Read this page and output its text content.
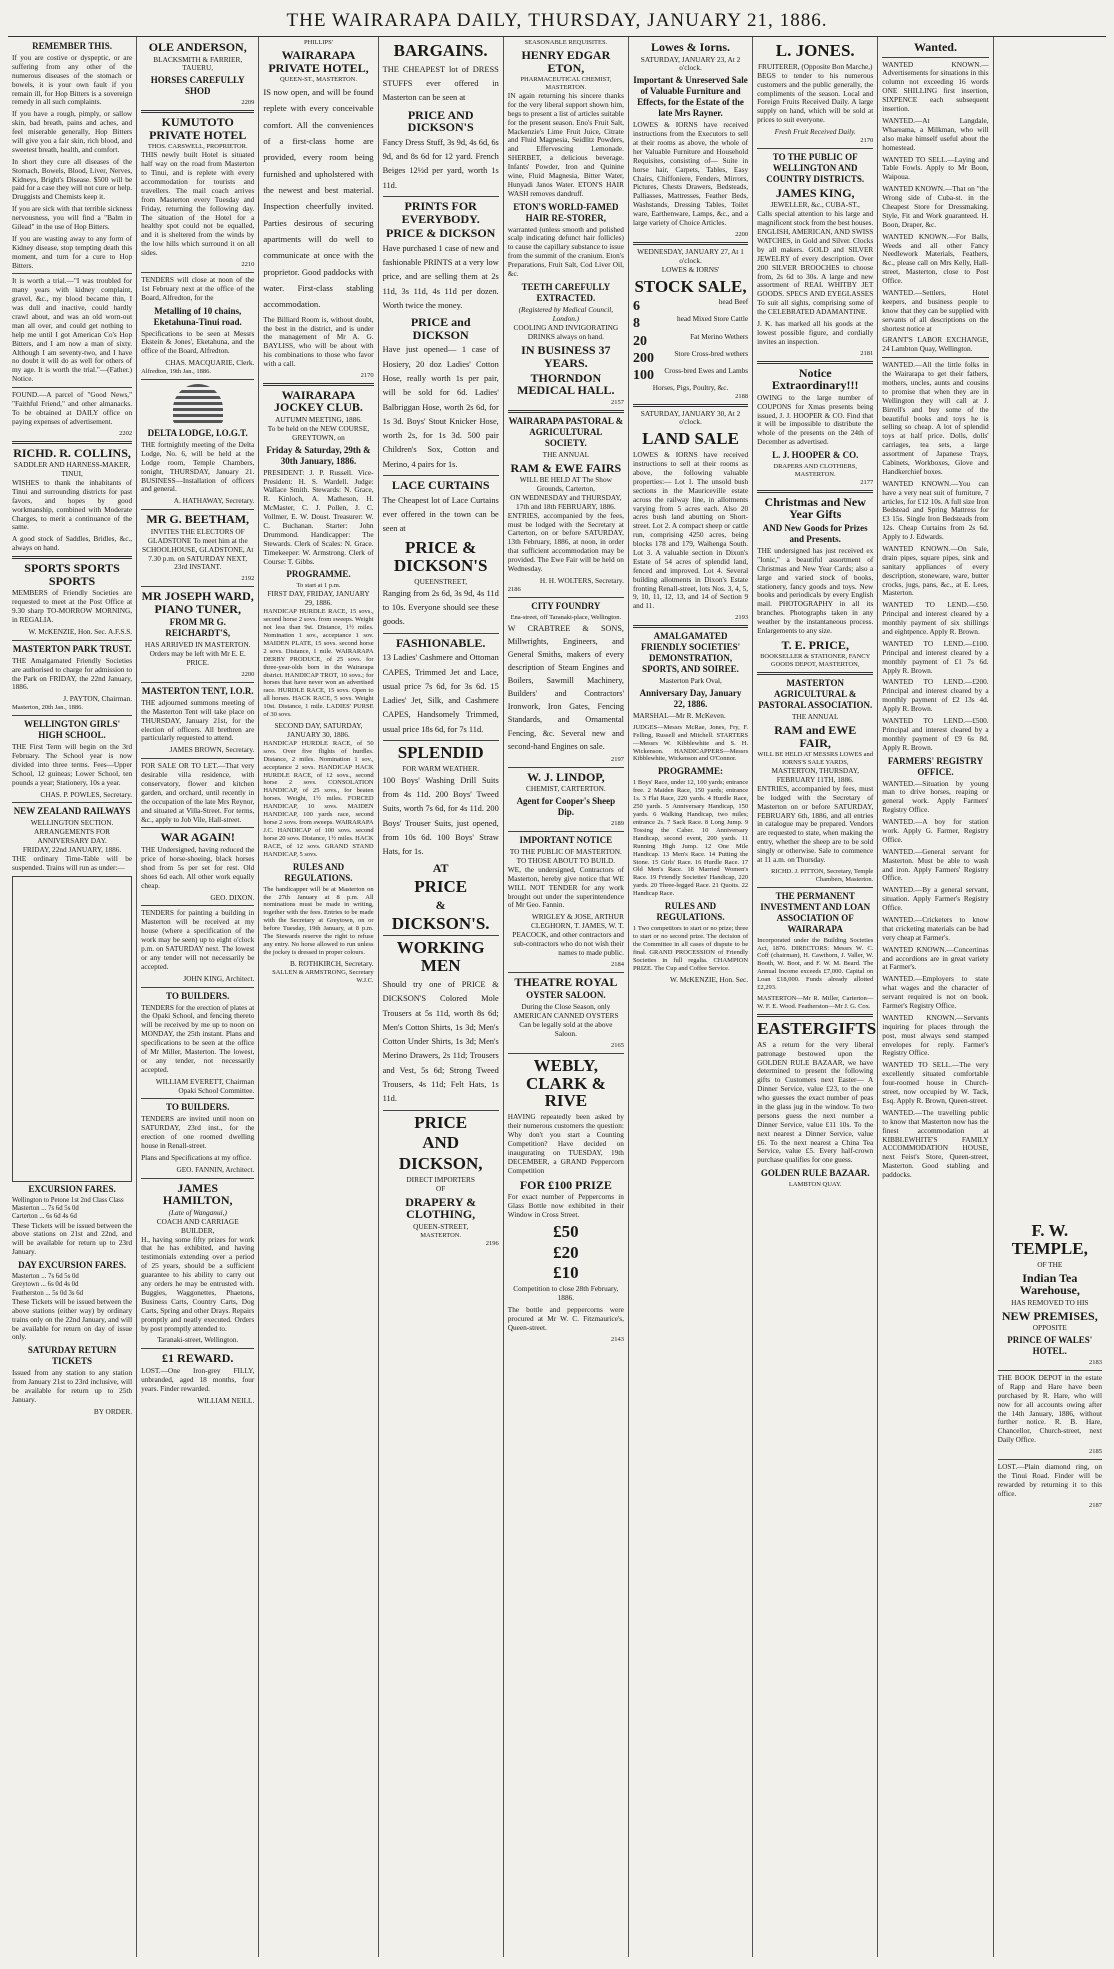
THE WAIRARAPA DAILY, THURSDAY, JANUARY 21, 1886.
REMEMBER THIS.

If you are costive or dyspeptic, or are suffering from any other of the numerous diseases of the stomach or bowels, it is your own fault if you remain ill, for Hop Bitters is a sovereign remedy in all such complaints.

If you have a rough, pimply, or sallow skin, bad breath, pains and aches, and feel miserable generally, Hop Bitters will give you a fair skin, rich blood, and sweetest breath, health, and comfort.

In short they cure all diseases of the Stomach, Bowels, Blood, Liver, Nerves, Kidneys, Bright's Disease. $500 will be paid for a case they will not cure or help. Druggists and Chemists keep it.

If you are sick with that terrible sickness nervousness, you will find a "Balm in Gilead" in the use of Hop Bitters.

If you are wasting away to any form of Kidney disease, stop tempting death this moment, and turn for a cure to Hop Bitters.

It is worth a trial.—"I was troubled for many years with kidney complaint, gravel, &c., my blood became thin, I was dull and inactive, could hardly crawl about, and was an old worn-out man all over, and could get nothing to help me until I got American Co's Hop Bitters, and I am now a man of sixty. Although I am seventy-two, and I have no doubt it will do as well for others of my age. It is worth the trial."—(Father.) Notice.

FOUND.—A parcel of "Good News," "Faithful Friend," and other almanacks. To be obtained at DAILY office on paying expenses of advertisement.

2202
RICHD. R. COLLINS,
SADDLER AND HARNESS-MAKER,
TINUI,

WISHES to thank the inhabitants of Tinui and surrounding districts for past favors, and hopes by good workmanship, combined with Moderate Charges, to merit a continuance of the same.

A good stock of Saddles, Bridles, &c., always on hand.

SPORTS SPORTS SPORTS

MEMBERS of Friendly Societies are requested to meet at the Post Office at 9.30 sharp TO-MORROW MORNING, in REGALIA.

W. McKENZIE, Hon. Sec. A.F.S.S.
MASTERTON PARK TRUST.

THE Amalgamated Friendly Societies are authorised to charge for admission to the Park on FRIDAY, the 22nd January, 1886.

J. PAYTON, Chairman.
Masterton, 20th Jan., 1886.
WELLINGTON GIRLS' HIGH SCHOOL.

THE First Term will begin on the 3rd February. The School year is now divided into three terms. Fees—Upper School, 12 guineas; Lower School, ten pounds a year; Stationery, 10s a year.

CHAS. P. POWLES, Secretary.
NEW ZEALAND RAILWAYS
WELLINGTON SECTION.
ARRANGEMENTS FOR ANNIVERSARY DAY.
FRIDAY, 22nd JANUARY, 1886.

THE ordinary Time-Table will be suspended. Trains will run as under:—

EXCURSION FARES.
Wellington to Petone 1st 2nd Class Class
Masterton ... 7s 6d 5s 0d
Carterton ... 6s 6d 4s 6d

These Tickets will be issued between the above stations on 21st and 22nd, and will be available for return up to 23rd January.

DAY EXCURSION FARES.
Masterton ... 7s 6d 5s 0d
Greytown ... 6s 0d 4s 0d
Featherston ... 5s 0d 3s 6d

These Tickets will be issued between the above stations (either way) by ordinary trains only on the 22nd January, and will be available for return on day of issue only.

SATURDAY RETURN TICKETS

Issued from any station to any station from January 21st to 23rd inclusive, will be available for return up to 25th January.

BY ORDER.
OLE ANDERSON,
BLACKSMITH & FARRIER,
TAUERU,
HORSES CAREFULLY SHOD
2209
KUMUTOTO PRIVATE HOTEL
THOS. CARSWELL, PROPRIETOR.

THIS newly built Hotel is situated half way on the road from Masterton to Tinui, and is replete with every accommodation for tourists and travellers. The mail coach arrives from Masterton every Tuesday and Friday, returning the following day. The situation of the Hotel for a healthy spot could not be equalled, and it is sheltered from the winds by the low hills which surround it on all sides.

2210

TENDERS will close at noon of the 1st February next at the office of the Board, Alfredton, for the

Metalling of 10 chains, Eketahuna-Tinui road.

Specifications to be seen at Messrs Ekstein & Jones', Eketahuna, and the office of the Board, Alfredton.

CHAS. MACQUARIE, Clerk.
Alfredton, 19th Jan., 1886.
DELTA LODGE, I.O.G.T.

THE fortnightly meeting of the Delta Lodge, No. 6, will be held at the Lodge room, Temple Chambers, tonight, THURSDAY, January 21. BUSINESS—Installation of officers and general.

A. HATHAWAY, Secretary.
MR G. BEETHAM,

INVITES THE ELECTORS OF GLADSTONE To meet him at the SCHOOLHOUSE, GLADSTONE, At 7.30 p.m. on SATURDAY NEXT, 23rd INSTANT.

2192
MR JOSEPH WARD, PIANO TUNER,
FROM MR G. REICHARDT'S,

HAS ARRIVED IN MASTERTON. Orders may be left with Mr E. E. PRICE.

2200
MASTERTON TENT, I.O.R.

THE adjourned summons meeting of the Masterton Tent will take place on THURSDAY, January 21st, for the election of officers. All brethren are particularly requested to attend.

JAMES BROWN, Secretary.

FOR SALE OR TO LET.—That very desirable villa residence, with conservatory, flower and kitchen garden, and orchard, until recently in the occupation of the late Mrs Reynor, and situated at Villa-Street. For terms, &c., apply to Job Vile, Hall-street.

WAR AGAIN!

THE Undersigned, having reduced the price of horse-shoeing, black horses shod from 5s per set for rest. Old shoes 6d each. All other work equally cheap.

GEO. DIXON.

TENDERS for painting a building in Masterton will be received at my house (where a specification of the work may be seen) up to eight o'clock p.m. on SATURDAY next. The lowest or any tender will not necessarily be accepted.

JOHN KING, Architect.
TO BUILDERS.

TENDERS for the erection of plates at the Opaki School, and fencing thereto will be received by me up to noon on MONDAY, the 25th instant. Plans and specifications to be seen at the office of Mr Miller, Masterton. The lowest, or any tender, not necessarily accepted.

WILLIAM EVERETT, Chairman Opaki School Committee.
TO BUILDERS.

TENDERS are invited until noon on SATURDAY, 23rd inst., for the erection of one roomed dwelling house in Renall-street.

Plans and Specifications at my office.

GEO. FANNIN, Architect.
JAMES HAMILTON,
(Late of Wanganui,)
COACH AND CARRIAGE BUILDER,

H., having some fifty prizes for work that he has exhibited, and having testimonials extending over a period of 25 years, should be a sufficient guarantee to his ability to carry out any orders he may be entrusted with. Buggies, Waggonettes, Phaetons, Business Carts, Country Carts, Dog Carts, Spring and other Drays. Repairs promptly and neatly executed. Orders by post promptly attended to.

Taranaki-street, Wellington.
£1 REWARD.

LOST.—One Iron-grey FILLY, unbranded, aged 18 months, four years. Finder rewarded.

WILLIAM NEILL.
PHILLIPS'
WAIRARAPA PRIVATE HOTEL,
QUEEN-ST., MASTERTON.

IS now open, and will be found replete with every conceivable comfort. All the conveniences of a first-class home are provided, every room being furnished and upholstered with the newest and best material. Inspection cheerfully invited. Parties desirous of securing apartments will do well to communicate at once with the proprietor. Good paddocks with water. First-class stabling accommodation.

The Billiard Room is, without doubt, the best in the district, and is under the management of Mr A. G. BAYLISS, who will be about with his combinations to those who favor with a call.

2170
WAIRARAPA JOCKEY CLUB.
AUTUMN MEETING, 1886.
To be held on the NEW COURSE, GREYTOWN, on
Friday & Saturday, 29th & 30th January, 1886.

PRESIDENT: J. P. Russell. Vice-President: H. S. Wardell. Judge: Wallace Smith. Stewards: N. Grace, R. Kinloch, A. Matheson, H. McMaster, C. J. Pollen, J. C. Vollmer, E. W. Doust. Treasurer: W. C. Buchanan. Starter: John Drummond. Handicapper: The Stewards. Clerk of Scales: N. Grace. Timekeeper: W. Armstrong. Clerk of Course: T. Gibbs.

PROGRAMME.
To start at 1 p.m.
FIRST DAY, FRIDAY, JANUARY 29, 1886.

HANDICAP HURDLE RACE, 15 sovs., second horse 2 sovs. from sweeps. Weight not less than 9st. Distance, 1½ miles. Nomination 1 sov., acceptance 1 sov. MAIDEN PLATE, 15 sovs. second horse 2 sovs. Distance, 1 mile. WAIRARAPA DERBY PRODUCE, of 25 sovs. for three-year-olds born in the Wairarapa district. HANDICAP TROT, 10 sovs.; for horses that have never won an advertised race. HURDLE RACE, 15 sovs. Open to all horses. HACK RACE, 5 sovs. Weight 10st. Distance, 1 mile. LADIES' PURSE of 30 sovs.

SECOND DAY, SATURDAY, JANUARY 30, 1886.

HANDICAP HURDLE RACE, of 50 sovs. Over five flights of hurdles. Distance, 2 miles. Nomination 1 sov., acceptance 2 sovs. HANDICAP HACK HURDLE RACE, of 12 sovs., second horse 2 sovs. CONSOLATION HANDICAP, of 25 sovs., for beaten horses. Weight, 1½ miles. FORCED HANDICAP, 10 sovs. MAIDEN HANDICAP, 100 yards race, second horse 2 sovs. from sweeps. WAIRARAPA J.C. HANDICAP of 100 sovs. second horse 20 sovs. Distance, 1½ miles. HACK RACE, of 12 sovs. GRAND STAND HANDICAP, 5 sovs.

RULES AND REGULATIONS.

The handicapper will be at Masterton on the 27th January at 8 p.m. All nominations must be made in writing, together with the fees. Entries to be made with the Secretary at Greytown, on or before Tuesday, 19th January, at 8 p.m. The Stewards reserve the right to refuse any entry. No horse allowed to run unless the jockey is dressed in proper colours.

B. ROTHKIRCH, Secretary.
SALLEN & ARMSTRONG, Secretary W.J.C.
BARGAINS.

THE CHEAPEST lot of DRESS STUFFS ever offered in Masterton can be seen at

PRICE AND DICKSON'S

Fancy Dress Stuff, 3s 9d, 4s 6d, 6s 9d, and 8s 6d for 12 yard. French Beiges 12½d per yard, worth 1s 11d.

PRINTS FOR EVERYBODY.
PRICE & DICKSON

Have purchased 1 case of new and fashionable PRINTS at a very low price, and are selling them at 2s 11d, 3s 11d, 4s 11d per dozen. Worth twice the money.

PRICE and DICKSON

Have just opened— 1 case of Hosiery, 20 doz Ladies' Cotton Hose, really worth 1s per pair, will be sold for 6d. Ladies' Balbriggan Hose, worth 2s 6d, for 1s 3d. Boys' Stout Knicker Hose, worth 2s, for 1s 3d. 500 pair Children's Sox, Cotton and Merino, 4 pairs for 1s.

LACE CURTAINS

The Cheapest lot of Lace Curtains ever offered in the town can be seen at

PRICE & DICKSON'S
QUEENSTREET,

Ranging from 2s 6d, 3s 9d, 4s 11d to 10s. Everyone should see these goods.

FASHIONABLE.

13 Ladies' Cashmere and Ottoman CAPES, Trimmed Jet and Lace, usual price 7s 6d, for 3s 6d. 15 Ladies' Jet, Silk, and Cashmere CAPES, Handsomely Trimmed, usual price 18s 6d, for 7s 11d.

SPLENDID
FOR WARM WEATHER.

100 Boys' Washing Drill Suits from 4s 11d. 200 Boys' Tweed Suits, worth 7s 6d, for 4s 11d. 200 Boys' Trouser Suits, just opened, from 10s 6d. 100 Boys' Straw Hats, for 1s.

AT
PRICE
&
DICKSON'S.
WORKING MEN

Should try one of PRICE & DICKSON'S Colored Mole Trousers at 5s 11d, worth 8s 6d; Men's Cotton Shirts, 1s 3d; Men's Cotton Under Shirts, 1s 3d; Men's Merino Drawers, 2s 11d; Trousers and Vest, 5s 6d; Strong Tweed Trousers, 4s 11d; Felt Hats, 1s 11d.

PRICE
AND
DICKSON,
DIRECT IMPORTERS
OF
DRAPERY & CLOTHING,
QUEEN-STREET,
MASTERTON.
2196
SEASONABLE REQUISITES.
HENRY EDGAR ETON,
PHARMACEUTICAL CHEMIST, MASTERTON.

IN again returning his sincere thanks for the very liberal support shown him, begs to present a list of articles suitable for the present season. Eno's Fruit Salt, Mackenzie's Lime Fruit Juice, Citrate and Fluid Magnesia, Seidlitz Powders, and Effervescing Lemonade. SHERBET, a delicious beverage. Infants' Powder, Iron and Quinine wine, Fluid Magnesia, Bitter Water, Hunyadi Janos Water. ETON'S HAIR WASH removes dandruff.

ETON'S WORLD-FAMED HAIR RE-STORER,

warranted (unless smooth and polished scalp indicating defunct hair follicles) to cause the capillary substance to issue from the summit of the cranium. Eton's Preparations, Fruit Salt, Cod Liver Oil, &c.

TEETH CAREFULLY EXTRACTED.
(Registered by Medical Council, London.)

COOLING AND INVIGORATING DRINKS always on hand.

IN BUSINESS 37 YEARS.
THORNDON MEDICAL HALL.
2157
WAIRARAPA PASTORAL & AGRICULTURAL SOCIETY.
THE ANNUAL
RAM & EWE FAIRS
WILL BE HELD AT The Show Grounds, Carterton,
ON WEDNESDAY and THURSDAY, 17th and 18th FEBRUARY, 1886.

ENTRIES, accompanied by the fees, must be lodged with the Secretary at Carterton, on or before SATURDAY, 13th February, 1886, at noon, in order that sufficient accommodation may be provided. The Ewe Fair will be held on Wednesday.

H. H. WOLTERS, Secretary.
2186
CITY FOUNDRY
Ena-street, off Taranaki-place, Wellington.

W CRABTREE & SONS, Millwrights, Engineers, and General Smiths, makers of every description of Steam Engines and Boilers, Sawmill Machinery, Builders' and Contractors' Ironwork, Iron Gates, Fencing Standards, and Ornamental Fencing, &c. Several new and second-hand Engines on sale.

2197
W. J. LINDOP,
CHEMIST, CARTERTON.
Agent for Cooper's Sheep Dip.
2189
IMPORTANT NOTICE
TO THE PUBLIC OF MASTERTON.
TO THOSE ABOUT TO BUILD.

WE, the undersigned, Contractors of Masterton, hereby give notice that WE WILL NOT TENDER for any work brought out under the superintendence of Mr Geo. Fannin.

WRIGLEY & JOSE, ARTHUR CLEGHORN, T. JAMES, W. T. PEACOCK, and other contractors and sub-contractors who do not wish their names to made public.

2184
THEATRE ROYAL
OYSTER SALOON.

During the Close Season, only AMERICAN CANNED OYSTERS Can be legally sold at the above Saloon.

2165
WEBLY, CLARK & RIVE

HAVING repeatedly been asked by their numerous customers the question: Why don't you start a Counting Competition? Have decided on inaugurating on TUESDAY, 19th DECEMBER, a GRAND Peppercorn Competition

FOR £100 PRIZE

For exact number of Peppercorns in Glass Bottle now exhibited in their Window in Cross Street.

£50
£20
£10

Competition to close 28th February, 1886.

The bottle and peppercorns were procured at Mr W. C. Fitzmaurice's, Queen-street.

2143
Lowes & Iorns.
SATURDAY, JANUARY 23, At 2 o'clock.
Important & Unreserved Sale of Valuable Furniture and Effects, for the Estate of the late Mrs Rayner.

LOWES & IORNS have received instructions from the Executors to sell at their rooms as above, the whole of her Valuable Furniture and Household Requisites, consisting of— Suite in horse hair, Carpets, Tables, Easy Chairs, Chiffoniere, Fenders, Mirrors, Pictures, Chests Drawers, Bedsteads, Palliasses, Mattresses, Feather Beds, Washstands, Dressing Tables, Toilet ware, Earthenware, Lamps, &c., and a large variety of Choice Articles.

2200
WEDNESDAY, JANUARY 27, At 1 o'clock.
LOWES & IORNS'
STOCK SALE,
6	head Beef
8	head Mixed Store Cattle
20	Fat Merino Wethers
200	Store Cross-bred wethers
100 Cross-bred Ewes and Lambs
Horses, Pigs, Poultry, &c.
2188
SATURDAY, JANUARY 30, At 2 o'clock.
LAND SALE

LOWES & IORNS have received instructions to sell at their rooms as above, the following valuable properties:— Lot 1. The unsold bush sections in the Mauriceville estate across the railway line, in allotments varying from 5 acres each. Also 20 acres bush land abutting on Short-street. Lot 2. A compact sheep or cattle run, comprising 4250 acres, being blocks 178 and 179, Waihenga South. Lot 3. A valuable section in Dixon's Estate of 54 acres of splendid land, fenced and improved. Lot 4. Several building allotments in Dixon's Estate fronting Renall-street, lots Nos. 3, 4, 5, 9, 10, 11, 12, 13, and 14 of Section 9 and 11.

2193
AMALGAMATED FRIENDLY SOCIETIES' DEMONSTRATION, SPORTS, AND SOIREE.
Masterton Park Oval,
Anniversary Day, January 22, 1886.

MARSHAL—Mr R. McKeven.

JUDGES—Messrs McRae, Jones, Fry, F. Felling, Russell and Mitchell. STARTERS—Messrs W. Kibblewhite and S. H. Wickenson. HANDICAPPERS—Messrs Kibblewhite, Wickenson and O'Connor.

PROGRAMME:

1 Boys' Race, under 12, 100 yards; entrance free. 2 Maiden Race, 150 yards; entrance 1s. 3 Flat Race, 220 yards. 4 Hurdle Race, 250 yards. 5 Anniversary Handicap, 150 yards. 6 Walking Handicap, two miles; entrance 2s. 7 Sack Race. 8 Long Jump. 9 Tossing the Caber. 10 Anniversary Handicap, second event, 200 yards. 11 Running High Jump. 12 One Mile Handicap. 13 Men's Race. 14 Putting the Stone. 15 Girls' Race. 16 Hurdle Race. 17 Old Men's Race. 18 Married Women's Race. 19 Friendly Societies' Handicap, 220 yards. 20 Three-legged Race. 21 Quoits. 22 Handicap Race.

RULES AND REGULATIONS.

1 Two competitors to start or no prize; three to start or no second prize. The decision of the Committee in all cases of dispute to be final. GRAND PROCESSION of Friendly Societies in full regalia. CHAMPION PRIZE. The Cup and Coffee Service.

W. McKENZIE, Hon. Sec.
L. JONES.
FRUITERER, (Opposite Bon Marche,)

BEGS to tender to his numerous customers and the public generally, the compliments of the season. Local and Foreign Fruits Received Daily. A large supply on hand, which will be sold at prices to suit everyone.

Fresh Fruit Received Daily.
2170
TO THE PUBLIC OF WELLINGTON AND COUNTRY DISTRICTS.
JAMES KING,
JEWELLER, &c., CUBA-ST.,

Calls special attention to his large and magnificent stock from the best houses. ENGLISH, AMERICAN, AND SWISS WATCHES, in Gold and Silver. Clocks by all makers. GOLD and SILVER JEWELRY of every description. Over 200 SILVER BROOCHES to choose from, 2s 6d to 30s. A large and new assortment of REAL WHITBY JET GOODS. SPECS AND EYEGLASSES To suit all sights, comprising some of the CELEBRATED ADAMANTINE.

J. K. has marked all his goods at the lowest possible figure, and cordially invites an inspection.

2181
Notice Extraordinary!!!

OWING to the large number of COUPONS for Xmas presents being issued, J. J. HOOPER & CO. Find that it will be impossible to distribute the whole of the presents on the 24th of December as advertised.

L. J. HOOPER & CO.
DRAPERS AND CLOTHIERS, MASTERTON.
2177
Christmas and New Year Gifts
AND New Goods for Prizes and Presents.

THE undersigned has just received ex "Ionic," a beautiful assortment of Christmas and New Year Cards; also a large and varied stock of books, stationery, fancy goods and toys. New books and periodicals by every English mail. PHOTOGRAPHY in all its branches. Photographs taken in any weather by the instantaneous process. Enlargements to any size.

T. E. PRICE,
BOOKSELLER & STATIONER, FANCY GOODS DEPOT, MASTERTON,
MASTERTON AGRICULTURAL & PASTORAL ASSOCIATION.
THE ANNUAL
RAM and EWE FAIR,
WILL BE HELD AT MESSRS LOWES and IORNS'S SALE YARDS,
MASTERTON, THURSDAY, FEBRUARY 11TH, 1886.

ENTRIES, accompanied by fees, must be lodged with the Secretary of Masterton on or before SATURDAY, FEBRUARY 6th, 1886, and all entries in catalogue may be prepared. Vendors are requested to state, when making the entry, whether the sheep are to be sold singly or otherwise. Sale to commence at 11 a.m. on Thursday.

RICHD. J. PITTON, Secretary, Temple Chambers, Masterton.
THE PERMANENT INVESTMENT AND LOAN ASSOCIATION OF WAIRARAPA

Incorporated under the Building Societies Act, 1876. DIRECTORS: Messrs W. C. Coff (chairman), H. Cawthorn, J. Valler, W. Booth, W. Boot, and F. W. M. Beard. The Annual Income exceeds £7,000. Capital on Loan £18,000. Funds already allotted £2,293.

MASTERTON—Mr R. Miller, Carterton—W. F. E. Wood. Featherston—Mr J. G. Cox.

EASTERGIFTS

AS a return for the very liberal patronage bestowed upon the GOLDEN RULE BAZAAR, we have determined to present the following gifts to Customers next Easter— A Dinner Service, value £23, to the one who guesses the exact number of peas in the glass jug in the window. To two persons guess the next number a Dinner Service, value £11 10s. To the next nearest a Dinner Service, value £6. To the next nearest a China Tea Service, value £5. Every half-crown purchase qualifies for one guess.

GOLDEN RULE BAZAAR.
LAMBTON QUAY.
Wanted.

WANTED KNOWN.—Advertisements for situations in this column not exceeding 16 words ONE SHILLING first insertion, SIXPENCE each subsequent insertion.

WANTED.—At Langdale, Whareama, a Milkman, who will also make himself useful about the homestead.

WANTED TO SELL.—Laying and Table Fowls. Apply to Mr Boon, Waipoua.

WANTED KNOWN.—That on "the Wrong side of Cuba-st. in the Cheapest Store for Dressmaking. Style, Fit and Work guaranteed. H. Boon, Draper, &c.

WANTED KNOWN.—For Balls, Weeds and all other Fancy Needlework Materials, Feathers, &c., please call on Mrs Kelly, Hall-street, Masterton, close to Post Office.

WANTED.—Settlers, Hotel keepers, and business people to know that they can be supplied with servants of all descriptions on the shortest notice at

GRANT'S LABOR EXCHANGE, 24 Lambton Quay, Wellington.

WANTED.—All the little folks in the Wairarapa to get their fathers, mothers, uncles, aunts and cousins to promise that when they are in Wellington they will call at J. Birrell's and buy some of the beautiful books and toys he is selling so cheap. A lot of splendid toys at half price. Dolls, dolls' carriages, tea sets, a large assortment of Japanese Trays, Cabinets, Workboxes, Glove and Handkerchief boxes.

WANTED KNOWN.—You can have a very neat suit of furniture, 7 articles, for £12 10s. A full size Iron Bedstead and Spring Mattress for £3 15s. Single Iron Bedsteads from 12s. Cheap Curtains from 2s 6d. Apply to J. Edwards.

WANTED KNOWN.—On Sale, drain pipes, square pipes, sink and sanitary appliances of every description, stoneware, ware, butter crocks, jugs, pans, &c., at E. Lees, Masterton.

WANTED TO LEND.—£50. Principal and interest cleared by a monthly payment of six shillings and eightpence. Apply R. Brown.

WANTED TO LEND.—£100. Principal and interest cleared by a monthly payment of £1 7s 6d. Apply R. Brown.

WANTED TO LEND.—£200. Principal and interest cleared by a monthly payment of £2 13s 4d. Apply R. Brown.

WANTED TO LEND.—£500. Principal and interest cleared by a monthly payment of £9 6s 8d. Apply R. Brown.

FARMERS' REGISTRY OFFICE.

WANTED.—Situation by young man to drive horses, reaping or general work. Apply Farmers' Registry Office.

WANTED.—A boy for station work. Apply G. Farmer, Registry Office.

WANTED.—General servant for Masterton. Must be able to wash and iron. Apply Farmers' Registry Office.

WANTED.—By a general servant, situation. Apply Farmer's Registry Office.

WANTED.—Cricketers to know that cricketing materials can be had very cheap at Farmer's.

WANTED KNOWN.—Concertinas and accordions are in great variety at Farmer's.

WANTED.—Employers to state what wages and the character of servant required is not on book. Farmer's Registry Office.

WANTED KNOWN.—Servants inquiring for places through the post, must always send stamped envelopes for reply. Farmer's Registry Office.

WANTED TO SELL.—The very excellently situated comfortable four-roomed house in Church-street, now occupied by W. Tack, Esq. Apply R. Brown, Queen-street.

WANTED.—The travelling public to know that Masterton now has the finest accommodation at KIBBLEWHITE'S FAMILY ACCOMMODATION HOUSE, next Feist's Store, Queen-street, Masterton. Good stabling and paddocks.

F. W. TEMPLE,
OF THE
Indian Tea Warehouse,
HAS REMOVED TO HIS
NEW PREMISES,
OPPOSITE
PRINCE OF WALES' HOTEL.
2183

THE BOOK DEPOT in the estate of Rapp and Hare have been purchased by R. Hare, who will now for all accounts owing after the 14th January, 1886, without further notice. R. B. Hare, Chancellor, Church-street, next Daily Office.

2185

LOST.—Plain diamond ring, on the Tinui Road. Finder will be rewarded by returning it to this office.

2187
